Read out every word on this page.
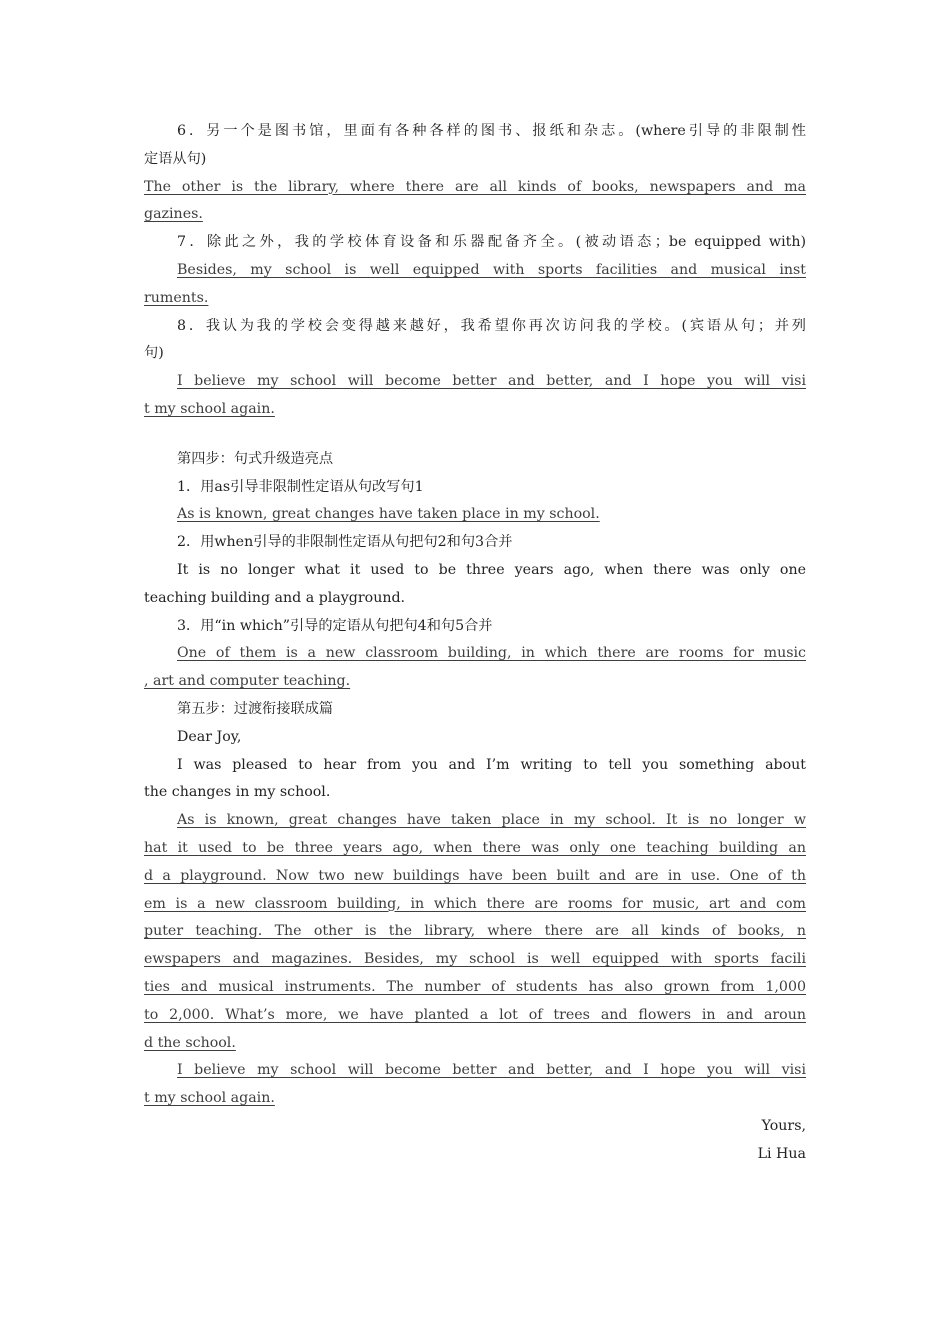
6．另一个是图书馆，里面有各种各样的图书、报纸和杂志。(where引导的非限制性

定语从句)

The other is the library, where there are all kinds of books, newspapers and ma

gazines.

7．除此之外，我的学校体育设备和乐器配备齐全。(被动语态；be equipped with)

Besides, my school is well equipped with sports facilities and musical inst

ruments.

8．我认为我的学校会变得越来越好，我希望你再次访问我的学校。(宾语从句；并列

句)

I believe my school will become better and better, and I hope you will visi

t my school again.

第四步：句式升级造亮点

1．用as引导非限制性定语从句改写句1

As is known, great changes have taken place in my school.

2．用when引导的非限制性定语从句把句2和句3合并

It is no longer what it used to be three years ago, when there was only one

teaching building and a playground.

3．用“in which”引导的定语从句把句4和句5合并

One of them is a new classroom building, in which there are rooms for music

, art and computer teaching.

第五步：过渡衔接联成篇

Dear Joy,

I was pleased to hear from you and I’m writing to tell you something about

the changes in my school.

As is known, great changes have taken place in my school. It is no longer w

hat it used to be three years ago, when there was only one teaching building an

d a playground. Now two new buildings have been built and are in use. One of th

em is a new classroom building, in which there are rooms for music, art and com

puter teaching. The other is the library, where there are all kinds of books, n

ewspapers and magazines. Besides, my school is well equipped with sports facili

ties and musical instruments. The number of students has also grown from 1,000

to 2,000. What’s more, we have planted a lot of trees and flowers in and aroun

d the school.

I believe my school will become better and better, and I hope you will visi

t my school again.

Yours,

Li Hua
